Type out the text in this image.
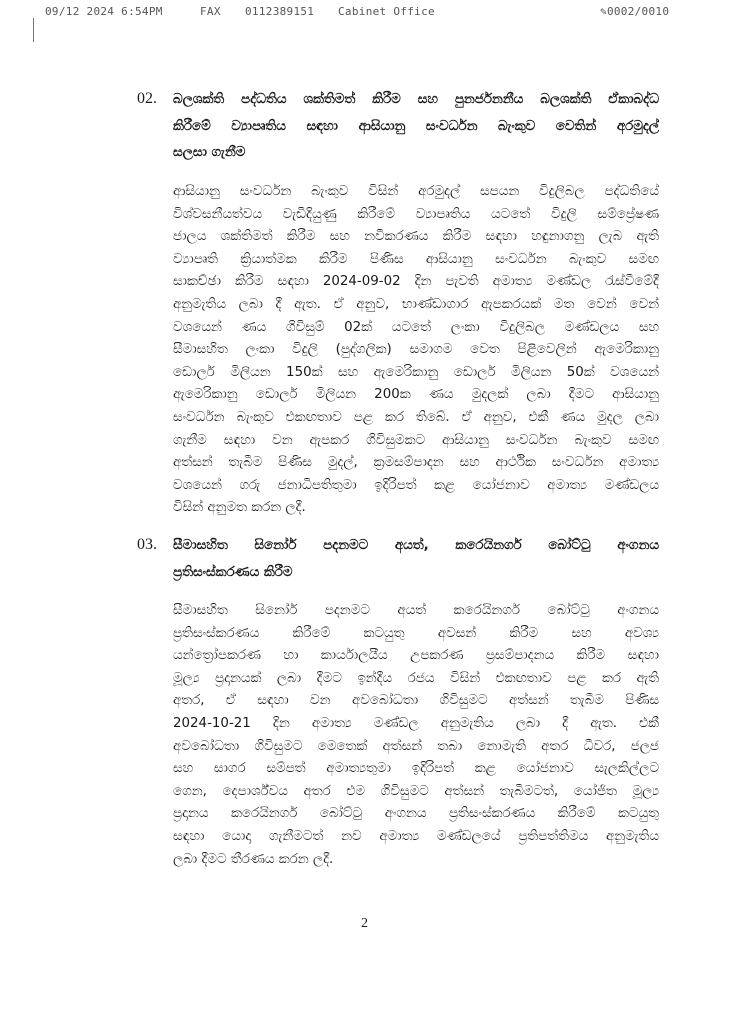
09/12 2024 6:54PM	FAX 0112389151 Cabinet Office	✎0002/0010
02. බලශක්ති පද්ධතිය ශක්තිමත් කිරීම සහ පුනර්ජනනීය බලශක්ති ඒකාබද්ධ
කිරීමේ ව්‍යාපෘතිය සඳහා ආසියානු සංවර්ධන බැංකුව වෙතින් අරමුදල්
සලසා ගැනීම
ආසියානු සංවර්ධන බැංකුව විසින් අරමුදල් සපයන විදුලිබල පද්ධතියේ
විශ්වසනීයත්වය වැඩිදියුණු කිරීමේ ව්‍යාපෘතිය යටතේ විදුලි සම්ප්‍රේෂණ
ජාලය ශක්තිමත් කිරීම සහ නවීකරණය කිරීම සඳහා හඳුනාගනු ලැබ ඇති
ව්‍යාපෘති ක්‍රියාත්මක කිරීම පිණිස ආසියානු සංවර්ධන බැංකුව සමඟ
සාකච්ඡා කිරීම සඳහා 2024-09-02 දින පැවති අමාත්‍ය මණ්ඩල රැස්වීමේදී
අනුමැතිය ලබා දී ඇත. ඒ අනුව, භාණ්ඩාගාර ඇපකරයක් මත වෙන් වෙන්
වශයෙන් ණය ගිවිසුම් 02ක් යටතේ ලංකා විදුලිබල මණ්ඩලය සහ
සීමාසහිත ලංකා විදුලි (පුද්ගලික) සමාගම වෙත පිළිවෙලින් ඇමෙරිකානු
ඩොලර් මිලියන 150ක් සහ ඇමෙරිකානු ඩොලර් මිලියන 50ක් වශයෙන්
ඇමෙරිකානු ඩොලර් මිලියන 200ක ණය මුදලක් ලබා දීමට ආසියානු
සංවර්ධන බැංකුව එකඟතාව පළ කර තිබේ. ඒ අනුව, එකී ණය මුදල ලබා
ගැනීම සඳහා වන ඇපකර ගිවිසුමකට ආසියානු සංවර්ධන බැංකුව සමඟ
අත්සන් තැබීම පිණිස මුදල්, ක්‍රමසම්පාදන සහ ආර්ථික සංවර්ධන අමාත්‍ය
වශයෙන් ගරු ජනාධිපතිතුමා ඉදිරිපත් කළ යෝජනාව අමාත්‍ය මණ්ඩලය
විසින් අනුමත කරන ලදී.
03. සීමාසහිත සිනෝර් පදනමට අයත්, කරෙයිනගර් බෝට්ටු අංගනය
ප්‍රතිසංස්කරණය කිරීම
සීමාසහිත සිනෝර් පදනමට අයත් කරෙයිනගර් බෝට්ටු අංගනය
ප්‍රතිසංස්කරණය කිරීමේ කටයුතු අවසන් කිරීම සහ අවශ්‍ය
යන්ත්‍රෝපකරණ හා කාර්යාලයීය උපකරණ ප්‍රසම්පාදනය කිරීම සඳහා
මූල්‍ය ප්‍රදානයක් ලබා දීමට ඉන්දීය රජය විසින් එකඟතාව පළ කර ඇති
අතර, ඒ සඳහා වන අවබෝධතා ගිවිසුමට අත්සන් තැබීම පිණිස
2024-10-21 දින අමාත්‍ය මණ්ඩල අනුමැතිය ලබා දී ඇත. එකී
අවබෝධතා ගිවිසුමට මෙතෙක් අත්සන් තබා නොමැති අතර ධීවර, ජලජ
සහ සාගර සම්පත් අමාත්‍යතුමා ඉදිරිපත් කළ යෝජනාව සැලකිල්ලට
ගෙන, දෙපාර්ශ්වය අතර එම ගිවිසුමට අත්සන් තැබීමටත්, යෝජිත මූල්‍ය
ප්‍රදානය කරෙයිනගර් බෝට්ටු අංගනය ප්‍රතිසංස්කරණය කිරීමේ කටයුතු
සඳහා යොදා ගැනීමටත් නව අමාත්‍ය මණ්ඩලයේ ප්‍රතිපත්තිමය අනුමැතිය
ලබා දීමට තීරණය කරන ලදී.
2
